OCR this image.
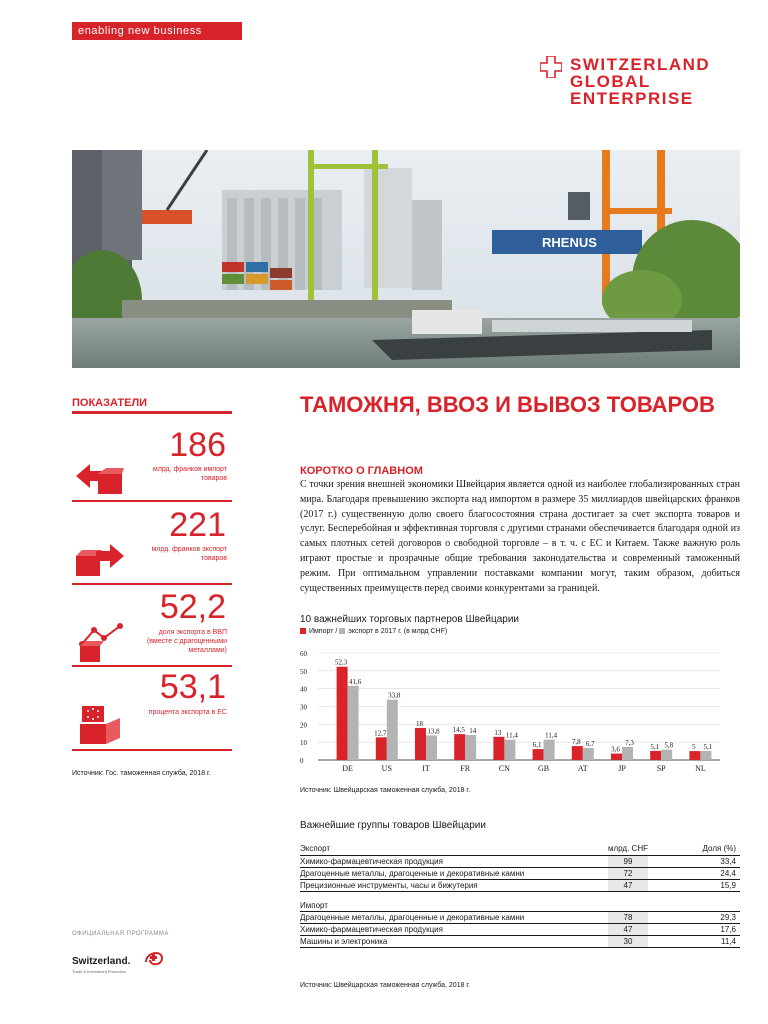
enabling new business
SWITZERLAND
GLOBAL
ENTERPRISE
RHENUS
ПОКАЗАТЕЛИ
186
млрд. франков импорт товаров
221
млрд. франков экспорт товаров
52,2
доля экспорта в ВВП (вместе с драгоценными металлами)
53,1
процента экспорта в ЕС
Источник: Гос. таможенная служба, 2018 г.
ОФИЦИАЛЬНАЯ ПРОГРАММА
Switzerland.
Trade & Investment Promotion
ТАМОЖНЯ, ВВОЗ И ВЫВОЗ ТОВАРОВ
КОРОТКО О ГЛАВНОМ
С точки зрения внешней экономики Швейцария является одной из наиболее глобализированных стран мира. Благодаря превышению экспорта над импортом в размере 35 миллиардов швейцарских франков (2017 г.) существенную долю своего благосостояния страна достигает за счет экспорта товаров и услуг. Бесперебойная и эффективная торговля с другими странами обеспечивается благодаря одной из самых плотных сетей договоров о свободной торговле – в т. ч. с ЕС и Китаем. Также важную роль играют простые и прозрачные общие требования законодательства и современный таможенный режим. При оптимальном управлении поставками компании могут, таким образом, добиться существенных преимуществ перед своими конкурентами за границей.
10 важнейших торговых партнеров Швейцарии
Импорт / экспорт в 2017 г. (в млрд CHF)
0
10
20
30
40
50
60
52,3
41,6
DE
12,7
33,8
US
18
13,8
IT
14,5 14
FR
13 11,4
CN
6,1
11,4
GB
7,8 6,7
AT
3,6
7,3
JP
5,1 5,8
SP
5 5,1
NL
Источник: Швейцарская таможенная служба, 2018 г.
Важнейшие группы товаров Швейцарии
Экспорт	млрд. CHF	Доля (%)
Химико-фармацевтическая продукция	99	33,4
Драгоценные металлы, драгоценные и декоративные камни	72	24,4
Прецизионные инструменты, часы и бижутерия	47	15,9
Импорт
Драгоценные металлы, драгоценные и декоративные камни	78	29,3
Химико-фармацевтическая продукция	47	17,6
Машины и электроника	30	11,4
Источник: Швейцарская таможенная служба, 2018 г.
